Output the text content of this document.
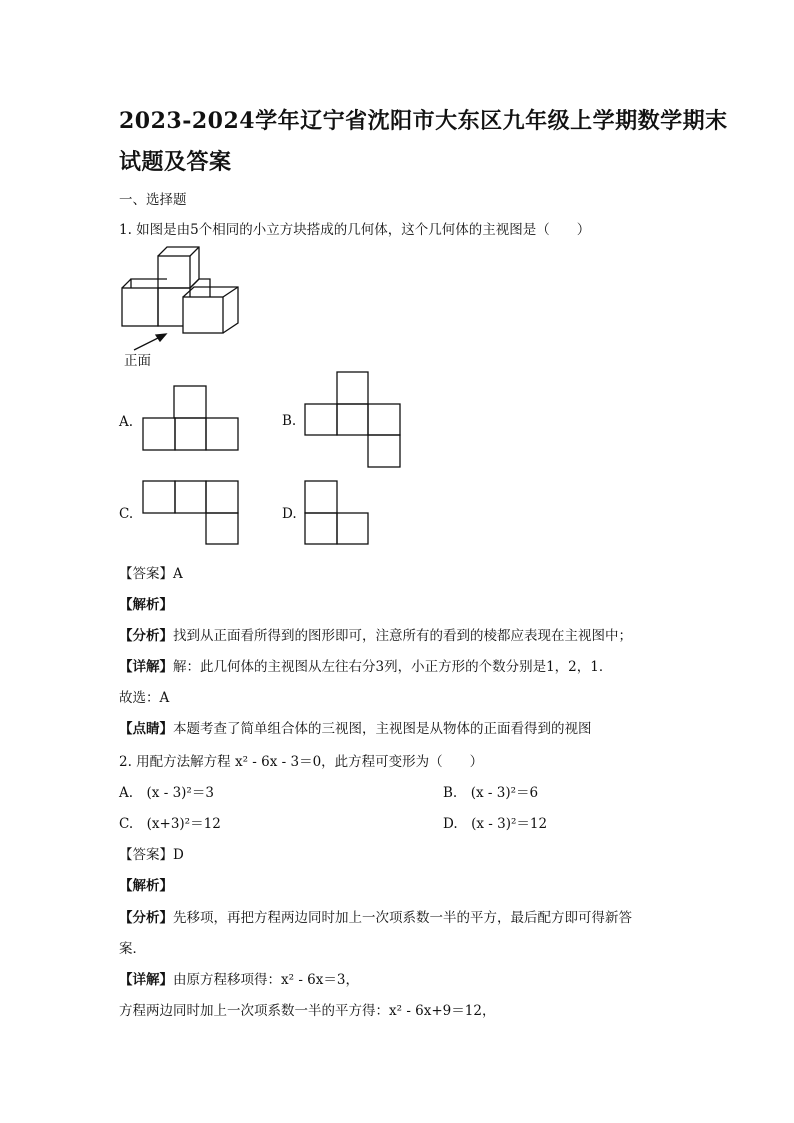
2023-2024学年辽宁省沈阳市大东区九年级上学期数学期末
试题及答案
一、选择题
1. 如图是由5个相同的小立方块搭成的几何体，这个几何体的主视图是（　　）
正面
A.	B.
C.	D.
【答案】A
【解析】
【分析】找到从正面看所得到的图形即可，注意所有的看到的棱都应表现在主视图中；
【详解】解：此几何体的主视图从左往右分3列，小正方形的个数分别是1，2，1．
故选：A
【点睛】本题考查了简单组合体的三视图，主视图是从物体的正面看得到的视图
2. 用配方法解方程 x² - 6x - 3＝0，此方程可变形为（　　）
A.　(x - 3)²＝3	B.　(x - 3)²＝6
C.　(x+3)²＝12	D.　(x - 3)²＝12
【答案】D
【解析】
【分析】先移项，再把方程两边同时加上一次项系数一半的平方，最后配方即可得新答
案．
【详解】由原方程移项得：x² - 6x＝3，
方程两边同时加上一次项系数一半的平方得：x² - 6x+9＝12，
